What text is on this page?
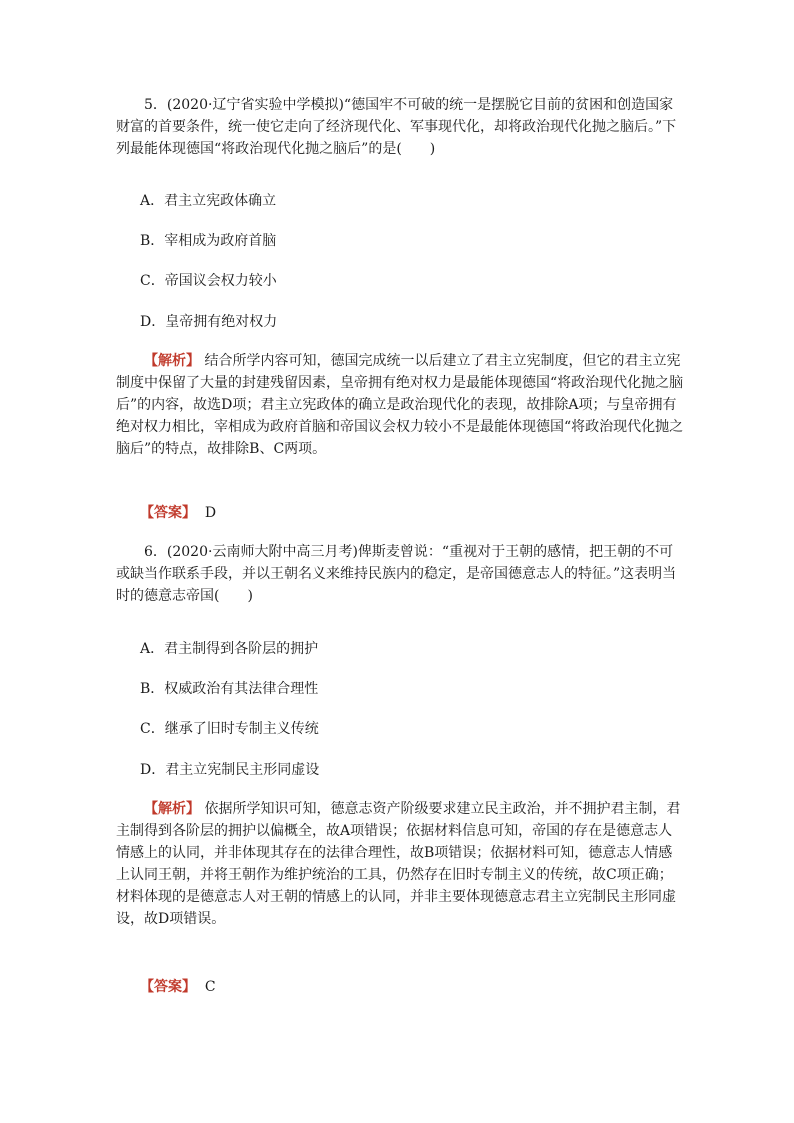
5．(2020·辽宁省实验中学模拟)“德国牢不可破的统一是摆脱它目前的贫困和创造国家财富的首要条件，统一使它走向了经济现代化、军事现代化，却将政治现代化抛之脑后。”下列最能体现德国“将政治现代化抛之脑后”的是(　　)

A．君主立宪政体确立

B．宰相成为政府首脑

C．帝国议会权力较小

D．皇帝拥有绝对权力

【解析】 结合所学内容可知，德国完成统一以后建立了君主立宪制度，但它的君主立宪制度中保留了大量的封建残留因素，皇帝拥有绝对权力是最能体现德国“将政治现代化抛之脑后”的内容，故选D项；君主立宪政体的确立是政治现代化的表现，故排除A项；与皇帝拥有绝对权力相比，宰相成为政府首脑和帝国议会权力较小不是最能体现德国“将政治现代化抛之脑后”的特点，故排除B、C两项。

【答案】 D

6．(2020·云南师大附中高三月考)俾斯麦曾说：“重视对于王朝的感情，把王朝的不可或缺当作联系手段，并以王朝名义来维持民族内的稳定，是帝国德意志人的特征。”这表明当时的德意志帝国(　　)

A．君主制得到各阶层的拥护

B．权威政治有其法律合理性

C．继承了旧时专制主义传统

D．君主立宪制民主形同虚设

【解析】 依据所学知识可知，德意志资产阶级要求建立民主政治，并不拥护君主制，君主制得到各阶层的拥护以偏概全，故A项错误；依据材料信息可知，帝国的存在是德意志人情感上的认同，并非体现其存在的法律合理性，故B项错误；依据材料可知，德意志人情感上认同王朝，并将王朝作为维护统治的工具，仍然存在旧时专制主义的传统，故C项正确；材料体现的是德意志人对王朝的情感上的认同，并非主要体现德意志君主立宪制民主形同虚设，故D项错误。

【答案】 C
